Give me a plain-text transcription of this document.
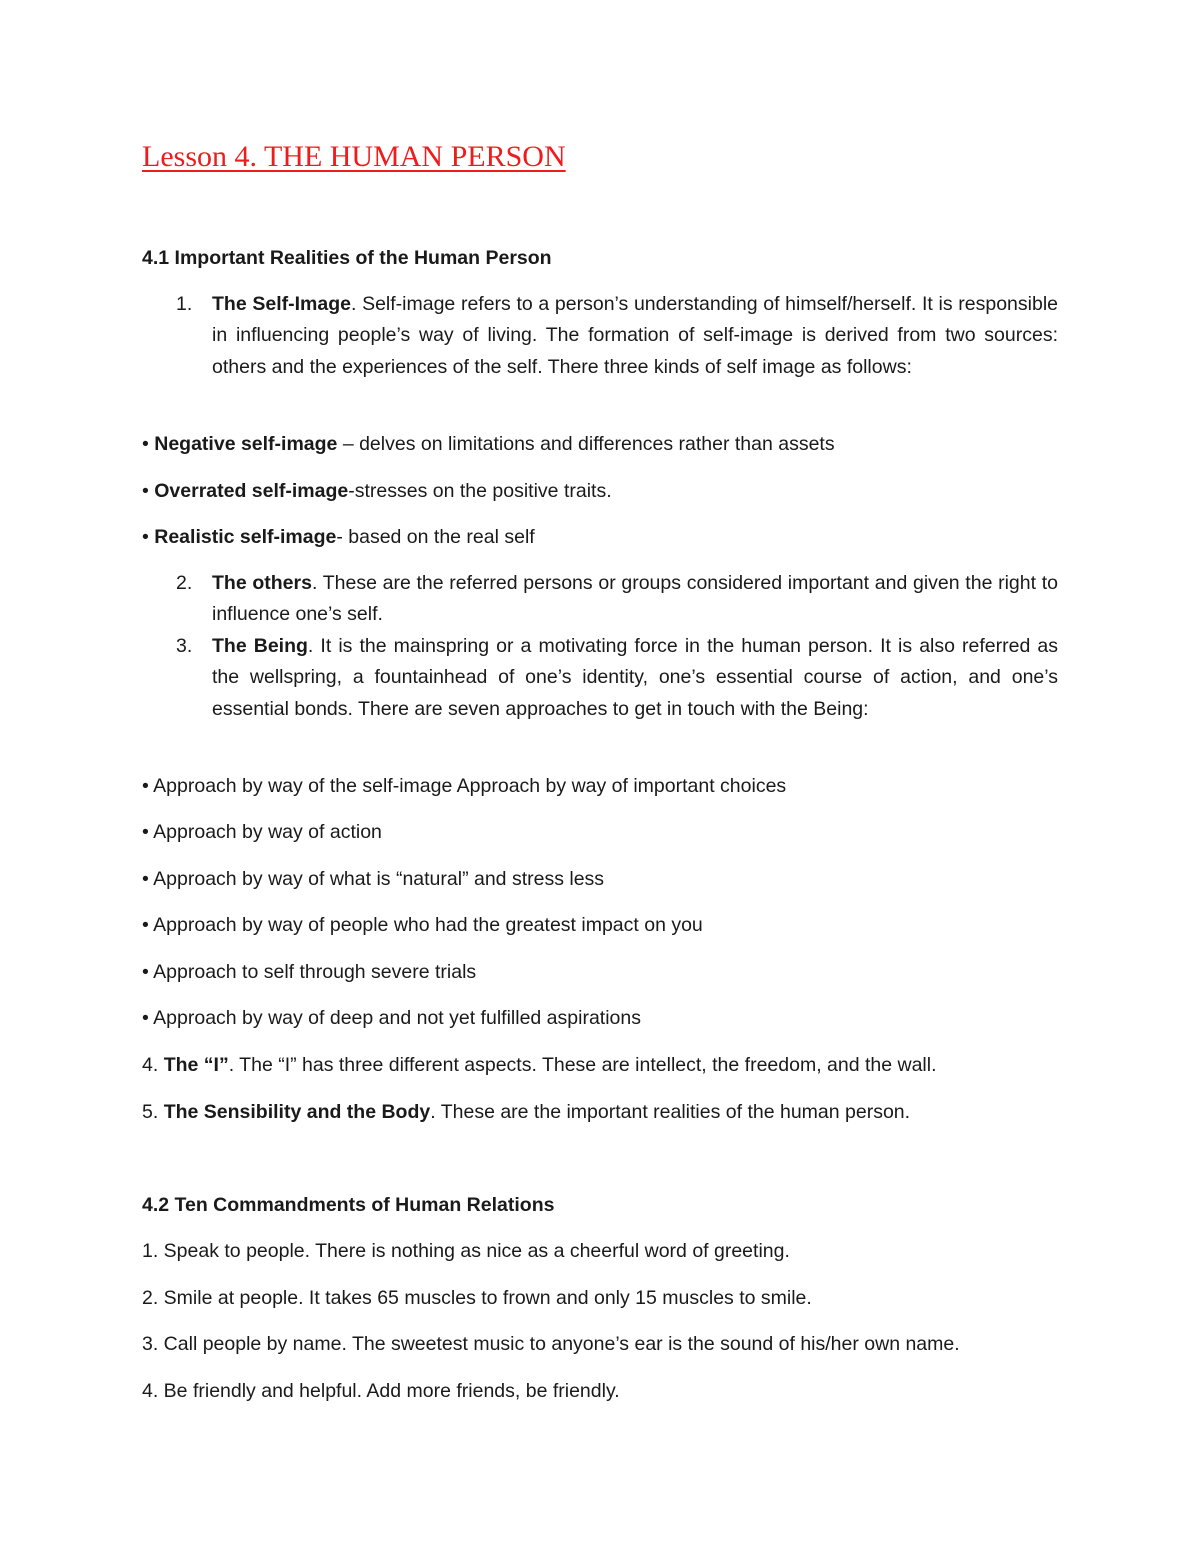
Lesson 4. THE HUMAN PERSON

4.1 Important Realities of the Human Person

1. The Self-Image. Self-image refers to a person’s understanding of himself/herself. It is responsible in influencing people’s way of living. The formation of self-image is derived from two sources: others and the experiences of the self. There three kinds of self image as follows:

• Negative self-image – delves on limitations and differences rather than assets

• Overrated self-image-stresses on the positive traits.

• Realistic self-image- based on the real self

2. The others. These are the referred persons or groups considered important and given the right to influence one’s self.
3. The Being. It is the mainspring or a motivating force in the human person. It is also referred as the wellspring, a fountainhead of one’s identity, one’s essential course of action, and one’s essential bonds. There are seven approaches to get in touch with the Being:

• Approach by way of the self-image Approach by way of important choices

• Approach by way of action

• Approach by way of what is “natural” and stress less

• Approach by way of people who had the greatest impact on you

• Approach to self through severe trials

• Approach by way of deep and not yet fulfilled aspirations

4. The “I”. The “I” has three different aspects. These are intellect, the freedom, and the wall.

5. The Sensibility and the Body. These are the important realities of the human person.

4.2 Ten Commandments of Human Relations

1. Speak to people. There is nothing as nice as a cheerful word of greeting.

2. Smile at people. It takes 65 muscles to frown and only 15 muscles to smile.

3. Call people by name. The sweetest music to anyone’s ear is the sound of his/her own name.

4. Be friendly and helpful. Add more friends, be friendly.
